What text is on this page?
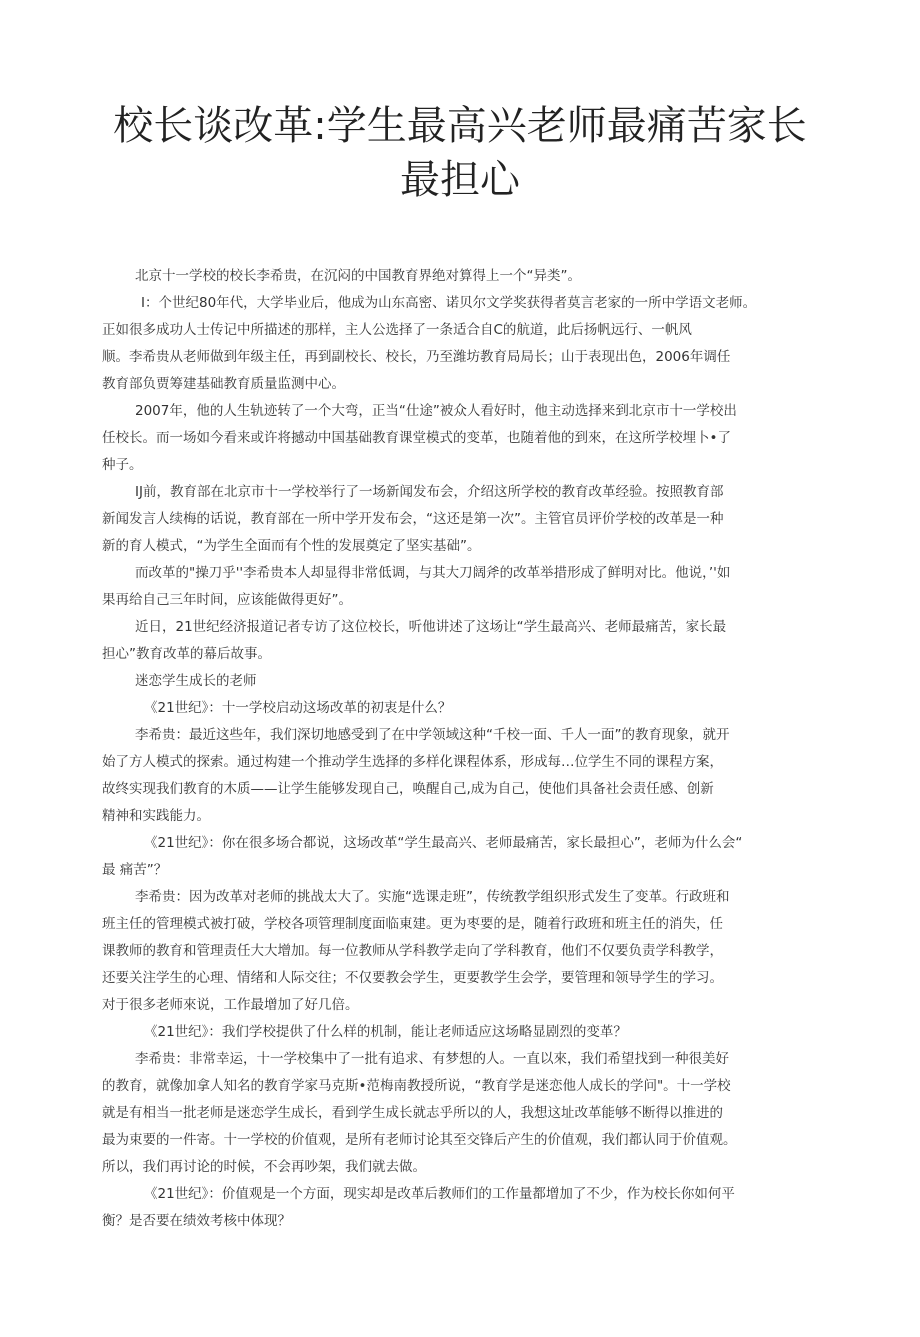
校长谈改革:学生最高兴老师最痛苦家长
最担心
北京十一学校的校长李希贵，在沉闷的中国教育界绝对算得上一个“异类”。
I：个世纪80年代，大学毕业后，他成为山东高密、诺贝尔文学奖获得者莫言老家的一所中学语文老师。
正如很多成功人士传记中所描述的那样，主人公选择了一条适合自C的航道，此后扬帆远行、一帆风
顺。李希贵从老师做到年级主任，再到副校长、校长，乃至潍坊教育局局长；山于表现出色，2006年调任
教育部负贾筹建基础教育质量监测中心。
2007年，他的人生轨迹转了一个大弯，正当“仕途”被众人看好时，他主动选择来到北京市十一学校出
任校长。而一场如今看来或许将撼动中国基础教育课堂模式的变革，也随着他的到來，在这所学校埋卜•了
种子。
IJ前，教育部在北京市十一学校举行了一场新闻发布会，介绍这所学校的教育改革经验。按照教育部
新闻发言人续梅的话说，教育部在一所中学开发布会，“这还是第一次”。主管官员评价学校的改革是一种
新的育人模式，“为学生全面而有个性的发展奠定了坚实基础”。
而改革的"操刀乎''李希贵本人却显得非常低调，与其大刀阔斧的改革举措形成了鲜明对比。他说，’'如
果再给自己三年时间，应该能做得更好”。
近日，21世纪经济报道记者专访了这位校长，听他讲述了这场让“学生最高兴、老师最痛苦，家长最
担心”教育改革的幕后故事。
迷恋学生成长的老师
《21世纪》：十一学校启动这场改革的初衷是什么？
李希贵：最近这些年，我们深切地感受到了在中学领域这种“千校一面、千人一面”的教育现象，就开
始了方人模式的探索。通过构建一个推动学生选择的多样化课程体系，形成每…位学生不同的课程方案，
故终实现我们教育的木质——让学生能够发现自己，唤醒自己,成为自己，使他们具备社会责任感、创新
精神和实践能力。
《21世纪》：你在很多场合都说，这场改革“学生最高兴、老师最痛苦，家长最担心”，老师为什么会“
最 痛苦”？
李希贵：因为改革对老师的挑战太大了。实施“选课走班”，传统教学组织形式发生了变革。行政班和
班主任的管理模式被打破，学校各项管理制度面临東建。更为枣要的是，随着行政班和班主任的消失，任
课教师的教育和管理责任大大增加。每一位教师从学科教学走向了学科教育，他们不仅要负责学科教学，
还要关注学生的心理、情绪和人际交往；不仅要教会学生，更要教学生会学，要管理和领导学生的学习。
对于很多老师來说，工作最增加了好几倍。
《21世纪》：我们学校提供了什么样的机制，能让老师适应这场略显剧烈的变革？
李希贵：非常幸运，十一学校集中了一批有追求、有梦想的人。一直以來，我们希望找到一种很美好
的教育，就像加拿人知名的教育学家马克斯•范梅南教授所说，“教育学是迷恋他人成长的学问"。十一学校
就是有相当一批老师是迷恋学生成长，看到学生成长就志乎所以的人，我想这址改革能够不断得以推进的
最为束要的一件寄。十一学校的价值观，是所有老师讨论其至交锋后产生的价值观，我们都认同于价值观。
所以，我们再讨论的时候，不会再吵架，我们就去做。
《21世纪》：价值观是一个方面，现实却是改革后教师们的工作量都增加了不少，作为校长你如何平
衡？是否要在绩效考核中体现？
